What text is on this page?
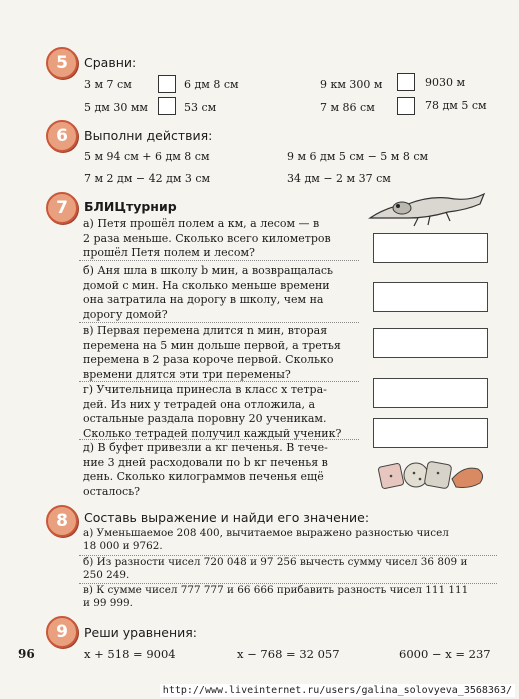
5	Сравни:
3 м 7 см	6 дм 8 см	9 км 300 м	9030 м
5 дм 30 мм	53 см	7 м 86 см	78 дм 5 см
6	Выполни действия:
5 м 94 см + 6 дм 8 см	9 м 6 дм 5 см − 5 м 8 см
7 м 2 дм − 42 дм 3 см	34 дм − 2 м 37 см
7	БЛИЦтурнир
а) Петя прошёл полем a км, а лесом — в
2 раза меньше. Сколько всего километров
прошёл Петя полем и лесом?
б) Аня шла в школу b мин, а возвращалась
домой с мин. На сколько меньше времени
она затратила на дорогу в школу, чем на
дорогу домой?
в) Первая перемена длится n мин, вторая
перемена на 5 мин дольше первой, а третья
перемена в 2 раза короче первой. Сколько
времени длятся эти три перемены?
г) Учительница принесла в класс x тетра-
дей. Из них y тетрадей она отложила, а
остальные раздала поровну 20 ученикам.
Сколько тетрадей получил каждый ученик?
д) В буфет привезли a кг печенья. В тече-
ние 3 дней расходовали по b кг печенья в
день. Сколько килограммов печенья ещё
осталось?
8	Составь выражение и найди его значение:
а) Уменьшаемое 208 400, вычитаемое выражено разностью чисел
18 000 и 9762.
б) Из разности чисел 720 048 и 97 256 вычесть сумму чисел 36 809 и
250 249.
в) К сумме чисел 777 777 и 66 666 прибавить разность чисел 111 111
и 99 999.
9	Реши уравнения:
x + 518 = 9004	x − 768 = 32 057	6000 − x = 237
96
http://www.liveinternet.ru/users/galina_solovyeva_3568363/
